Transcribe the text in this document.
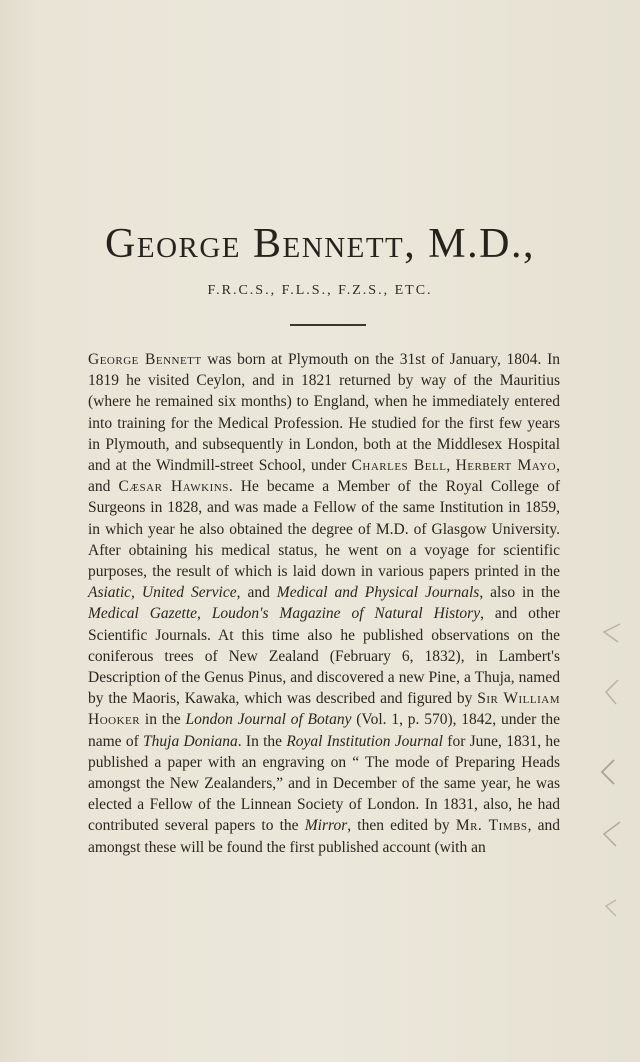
George Bennett, M.D.,
F.R.C.S., F.L.S., F.Z.S., ETC.
George Bennett was born at Plymouth on the 31st of January, 1804. In 1819 he visited Ceylon, and in 1821 returned by way of the Mauritius (where he remained six months) to England, when he immediately entered into training for the Medical Profession. He studied for the first few years in Plymouth, and subsequently in London, both at the Middlesex Hospital and at the Windmill-street School, under Charles Bell, Herbert Mayo, and Cæsar Hawkins. He became a Member of the Royal College of Surgeons in 1828, and was made a Fellow of the same Institution in 1859, in which year he also obtained the degree of M.D. of Glasgow University. After obtaining his medical status, he went on a voyage for scientific purposes, the result of which is laid down in various papers printed in the Asiatic, United Service, and Medical and Physical Journals, also in the Medical Gazette, Loudon's Magazine of Natural History, and other Scientific Journals. At this time also he published observations on the coniferous trees of New Zealand (February 6, 1832), in Lambert's Description of the Genus Pinus, and discovered a new Pine, a Thuja, named by the Maoris, Kawaka, which was described and figured by Sir William Hooker in the London Journal of Botany (Vol. 1, p. 570), 1842, under the name of Thuja Doniana. In the Royal Institution Journal for June, 1831, he published a paper with an engraving on “ The mode of Preparing Heads amongst the New Zealanders,” and in December of the same year, he was elected a Fellow of the Linnean Society of London. In 1831, also, he had contributed several papers to the Mirror, then edited by Mr. Timbs, and amongst these will be found the first published account (with an
